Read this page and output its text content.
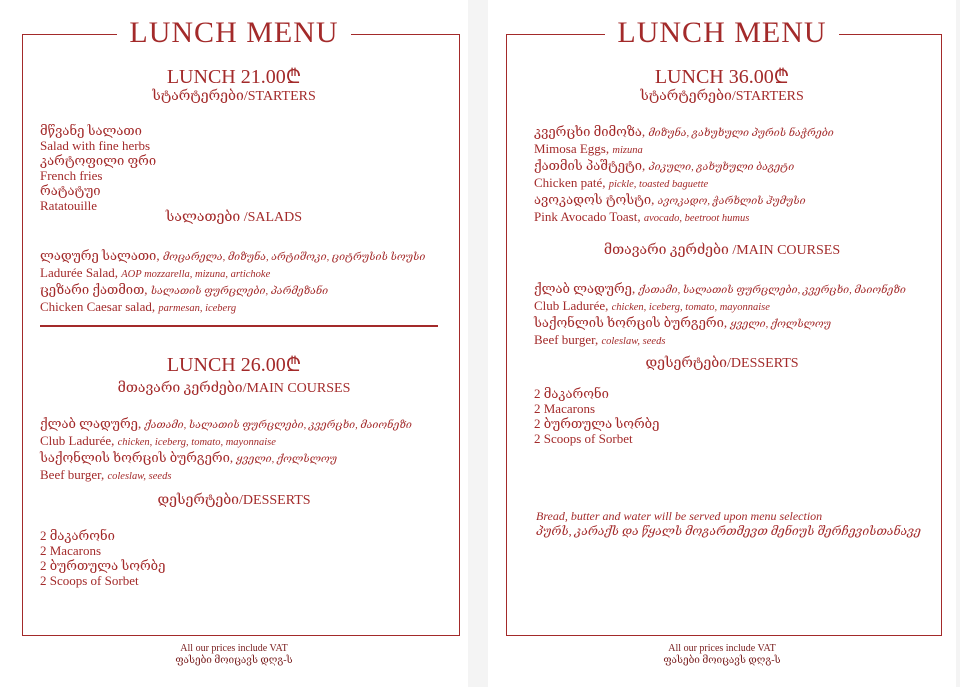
LUNCH MENU
LUNCH 21.00₾
სტარტერები/STARTERS
მწვანე სალათი
Salad with fine herbs
კარტოფილი ფრი
French fries
რატატუი
Ratatouille
სალათები /SALADS
ლადურე სალათი, მოცარელა, მიზუნა, არტიშოკი, ციტრუსის სოუსი
Ladurée Salad, AOP mozzarella, mizuna, artichoke
ცეზარი ქათმით, სალათის ფურცლები, პარმეზანი
Chicken Caesar salad, parmesan, iceberg
LUNCH 26.00₾
მთავარი კერძები/MAIN COURSES
ქლაბ ლადურე, ქათამი, სალათის ფურცლები, კვერცხი, მაიონეზი
Club Ladurée, chicken, iceberg, tomato, mayonnaise
საქონლის ხორცის ბურგერი, ყველი, ქოლსლოუ
Beef burger, coleslaw, seeds
დესერტები/DESSERTS
2 მაკარონი
2 Macarons
2 ბურთულა სორბე
2 Scoops of Sorbet
All our prices include VAT
ფასები მოიცავს დღგ-ს
LUNCH MENU
LUNCH 36.00₾
სტარტერები/STARTERS
კვერცხი მიმოზა, მიზუნა, გახუხული პურის ნაჭრები
Mimosa Eggs, mizuna
ქათმის პაშტეტი, პიკული, გახუხული ბაგეტი
Chicken paté, pickle, toasted baguette
ავოკადოს ტოსტი, ავოკადო, ჭარხლის ჰუმუსი
Pink Avocado Toast, avocado, beetroot humus
მთავარი კერძები /MAIN COURSES
ქლაბ ლადურე, ქათამი, სალათის ფურცლები, კვერცხი, მაიონეზი
Club Ladurée, chicken, iceberg, tomato, mayonnaise
საქონლის ხორცის ბურგერი, ყველი, ქოლსლოუ
Beef burger, coleslaw, seeds
დესერტები/DESSERTS
2 მაკარონი
2 Macarons
2 ბურთულა სორბე
2 Scoops of Sorbet
Bread, butter and water will be served upon menu selection
პურს, კარაქს და წყალს მოგართმევთ მენიუს შერჩევისთანავე
All our prices include VAT
ფასები მოიცავს დღგ-ს
